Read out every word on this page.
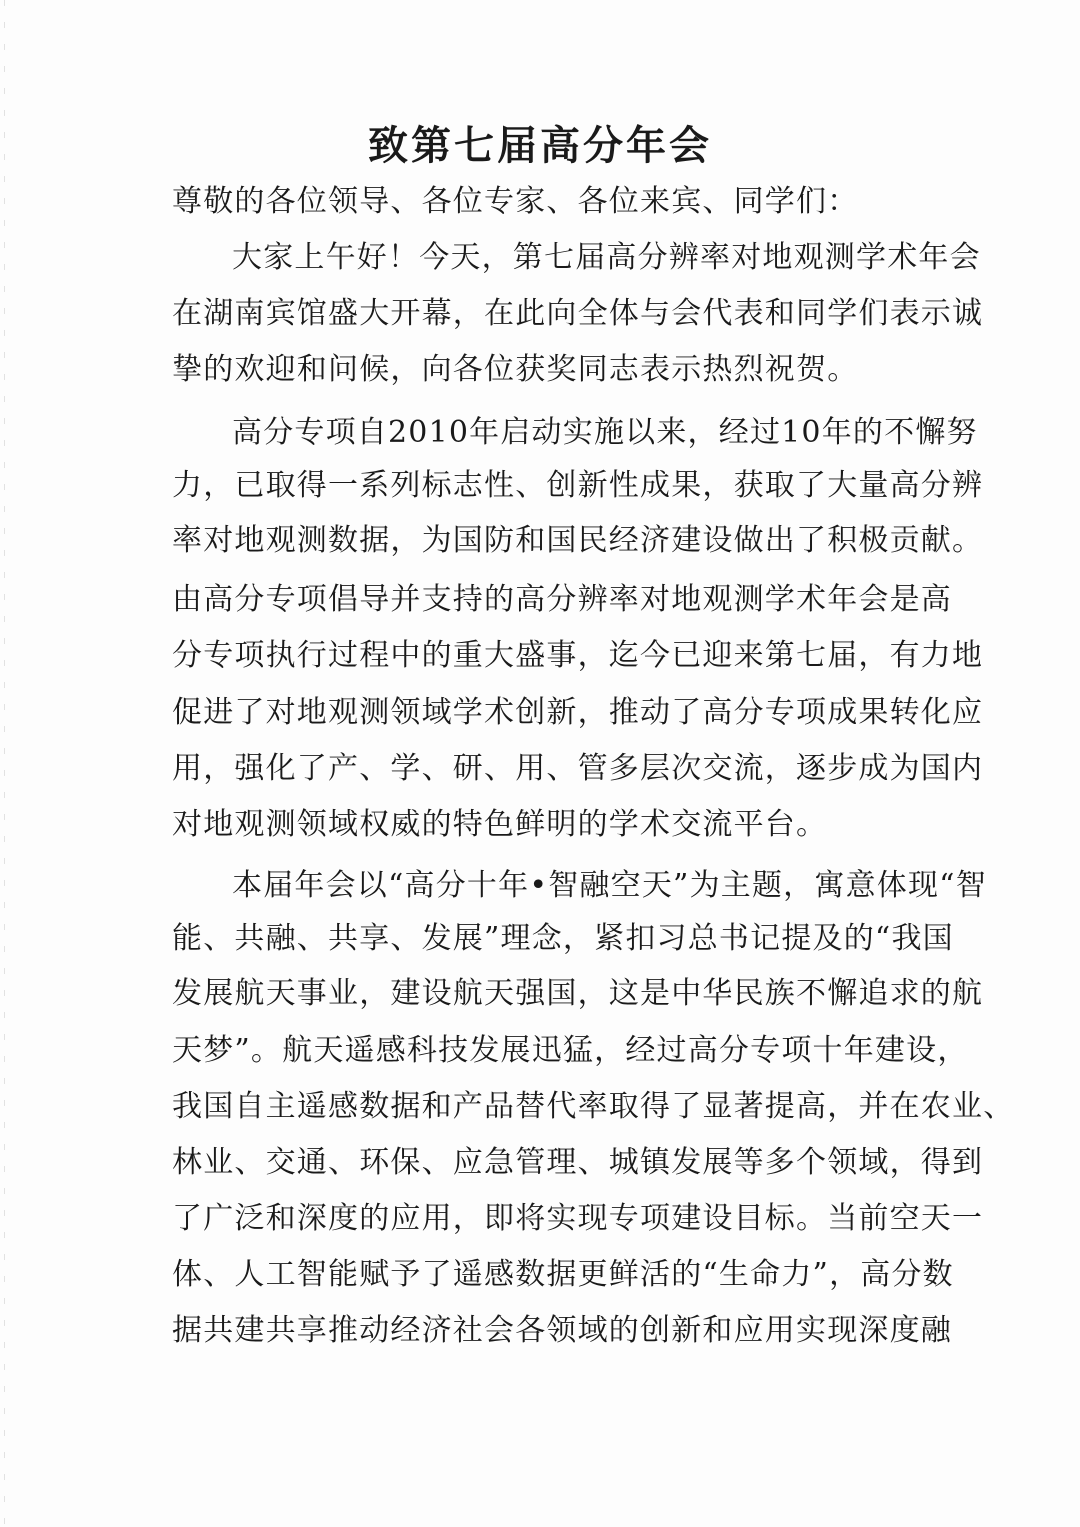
致第七届高分年会
尊敬的各位领导、各位专家、各位来宾、同学们：
大家上午好！今天，第七届高分辨率对地观测学术年会
在湖南宾馆盛大开幕，在此向全体与会代表和同学们表示诚
挚的欢迎和问候，向各位获奖同志表示热烈祝贺。
高分专项自2010年启动实施以来，经过10年的不懈努
力，已取得一系列标志性、创新性成果，获取了大量高分辨
率对地观测数据，为国防和国民经济建设做出了积极贡献。
由高分专项倡导并支持的高分辨率对地观测学术年会是高
分专项执行过程中的重大盛事，迄今已迎来第七届，有力地
促进了对地观测领域学术创新，推动了高分专项成果转化应
用，强化了产、学、研、用、管多层次交流，逐步成为国内
对地观测领域权威的特色鲜明的学术交流平台。
本届年会以“高分十年•智融空天”为主题，寓意体现“智
能、共融、共享、发展”理念，紧扣习总书记提及的“我国
发展航天事业，建设航天强国，这是中华民族不懈追求的航
天梦”。航天遥感科技发展迅猛，经过高分专项十年建设，
我国自主遥感数据和产品替代率取得了显著提高，并在农业、
林业、交通、环保、应急管理、城镇发展等多个领域，得到
了广泛和深度的应用，即将实现专项建设目标。当前空天一
体、人工智能赋予了遥感数据更鲜活的“生命力”，高分数
据共建共享推动经济社会各领域的创新和应用实现深度融
